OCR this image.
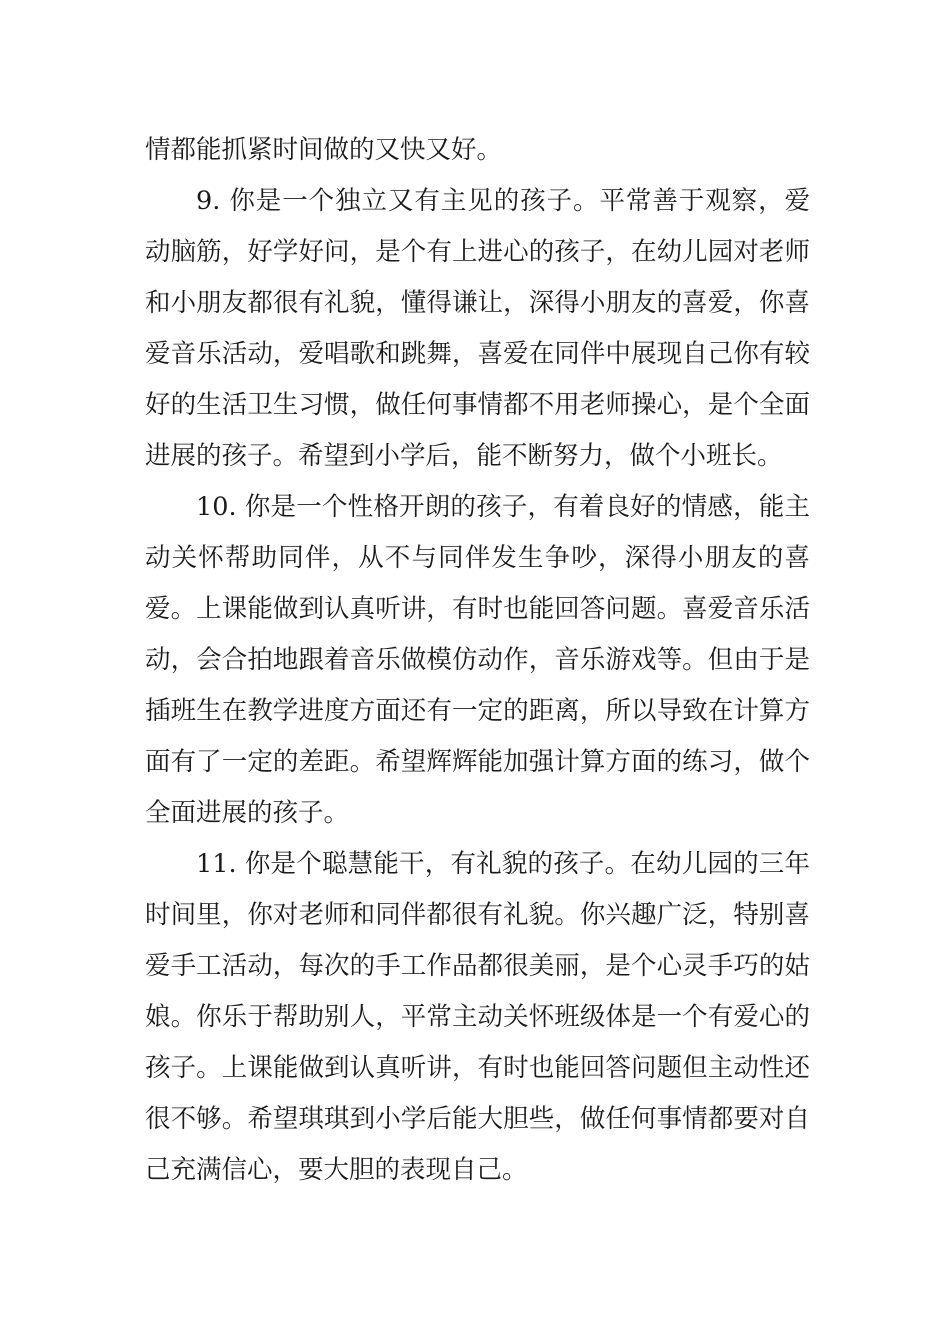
情都能抓紧时间做的又快又好。

9. 你是一个独立又有主见的孩子。平常善于观察，爱动脑筋，好学好问，是个有上进心的孩子，在幼儿园对老师和小朋友都很有礼貌，懂得谦让，深得小朋友的喜爱，你喜爱音乐活动，爱唱歌和跳舞，喜爱在同伴中展现自己你有较好的生活卫生习惯，做任何事情都不用老师操心，是个全面进展的孩子。希望到小学后，能不断努力，做个小班长。

10. 你是一个性格开朗的孩子，有着良好的情感，能主动关怀帮助同伴，从不与同伴发生争吵，深得小朋友的喜爱。上课能做到认真听讲，有时也能回答问题。喜爱音乐活动，会合拍地跟着音乐做模仿动作，音乐游戏等。但由于是插班生在教学进度方面还有一定的距离，所以导致在计算方面有了一定的差距。希望辉辉能加强计算方面的练习，做个全面进展的孩子。

11. 你是个聪慧能干，有礼貌的孩子。在幼儿园的三年时间里，你对老师和同伴都很有礼貌。你兴趣广泛，特别喜爱手工活动，每次的手工作品都很美丽，是个心灵手巧的姑娘。你乐于帮助别人，平常主动关怀班级体是一个有爱心的孩子。上课能做到认真听讲，有时也能回答问题但主动性还很不够。希望琪琪到小学后能大胆些，做任何事情都要对自己充满信心，要大胆的表现自己。
